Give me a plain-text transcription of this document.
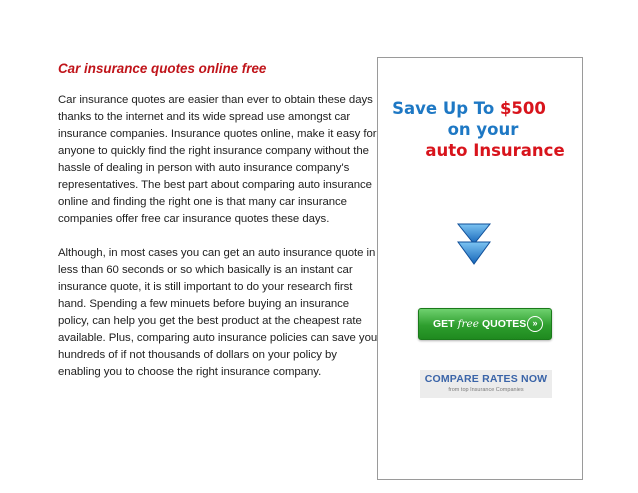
Car insurance quotes online free

Car insurance quotes are easier than ever to obtain these days thanks to the internet and its wide spread use amongst car insurance companies. Insurance quotes online, make it easy for anyone to quickly find the right insurance company without the hassle of dealing in person with auto insurance company's representatives. The best part about comparing auto insurance online and finding the right one is that many car insurance companies offer free car insurance quotes these days.

Although, in most cases you can get an auto insurance quote in less than 60 seconds or so which basically is an instant car insurance quote, it is still important to do your research first hand. Spending a few minuets before buying an insurance policy, can help you get the best product at the cheapest rate available. Plus, comparing auto insurance policies can save you hundreds of if not thousands of dollars on your policy by enabling you to choose the right insurance company.

Save Up To $500
on your
auto Insurance
GET free QUOTES »
COMPARE RATES NOW
from top Insurance Companies
